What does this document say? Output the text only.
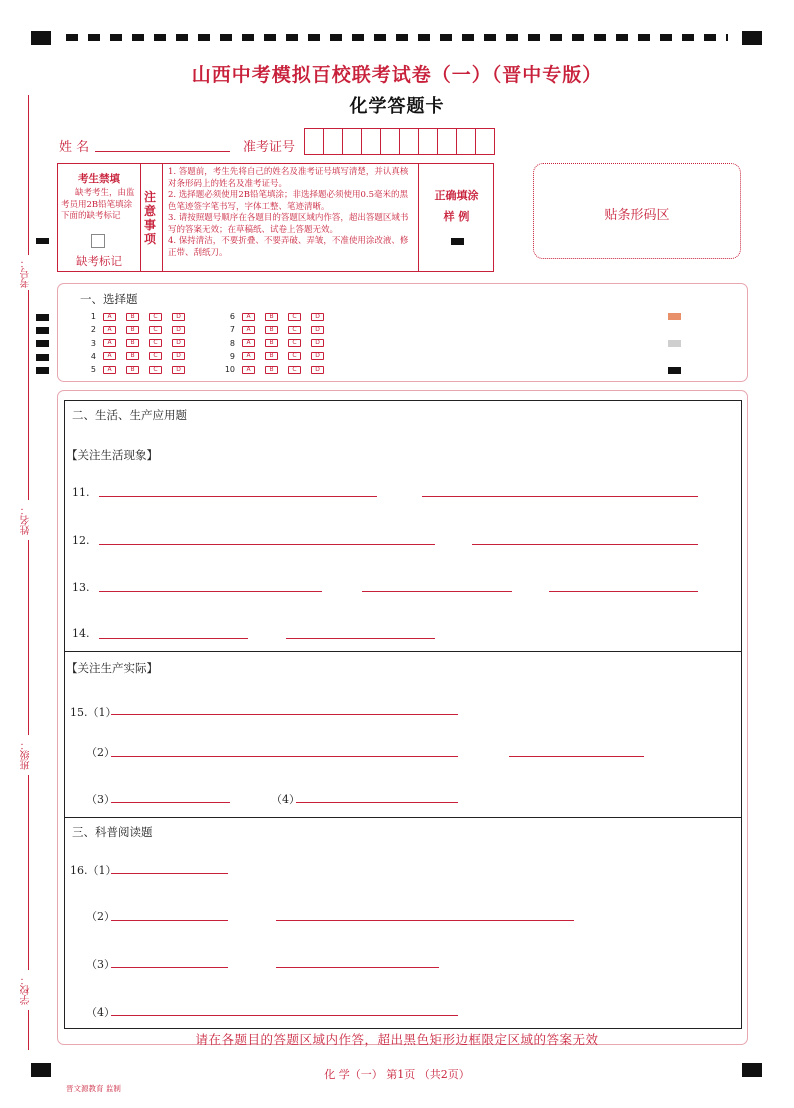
考号：
姓名：
班级：
学校：
山西中考模拟百校联考试卷（一）（晋中专版）
化学答题卡
姓 名	准考证号
考生禁填
缺考考生，由监考员用2B铅笔填涂下面的缺考标记
缺考标记
注意事项
1. 答题前，考生先将自己的姓名及准考证号填写清楚，并认真核对条形码上的姓名及准考证号。
2. 选择题必须使用2B铅笔填涂；非选择题必须使用0.5毫米的黑色笔迹签字笔书写，字体工整、笔迹清晰。
3. 请按照题号顺序在各题目的答题区域内作答，超出答题区域书写的答案无效；在草稿纸、试卷上答题无效。
4. 保持清洁，不要折叠、不要弄破、弄皱，不准使用涂改液、修正带、刮纸刀。
正确填涂
样 例	贴条形码区
一、选择题
1	A	B	C	D
2	A	B	C	D
3	A	B	C	D
4	A	B	C	D
5	A	B	C	D
6	A	B	C	D
7	A	B	C	D
8	A	B	C	D
9	A	B	C	D
10	A	B	C	D
二、生活、生产应用题
【关注生活现象】
11.
12.
13.
14.
【关注生产实际】
15.（1）
（2）
（3）	（4）
三、科普阅读题
16.（1）
（2）
（3）
（4）
请在各题目的答题区域内作答，超出黑色矩形边框限定区域的答案无效
化 学（一） 第1页 （共2页）
晋文源教育 监制
